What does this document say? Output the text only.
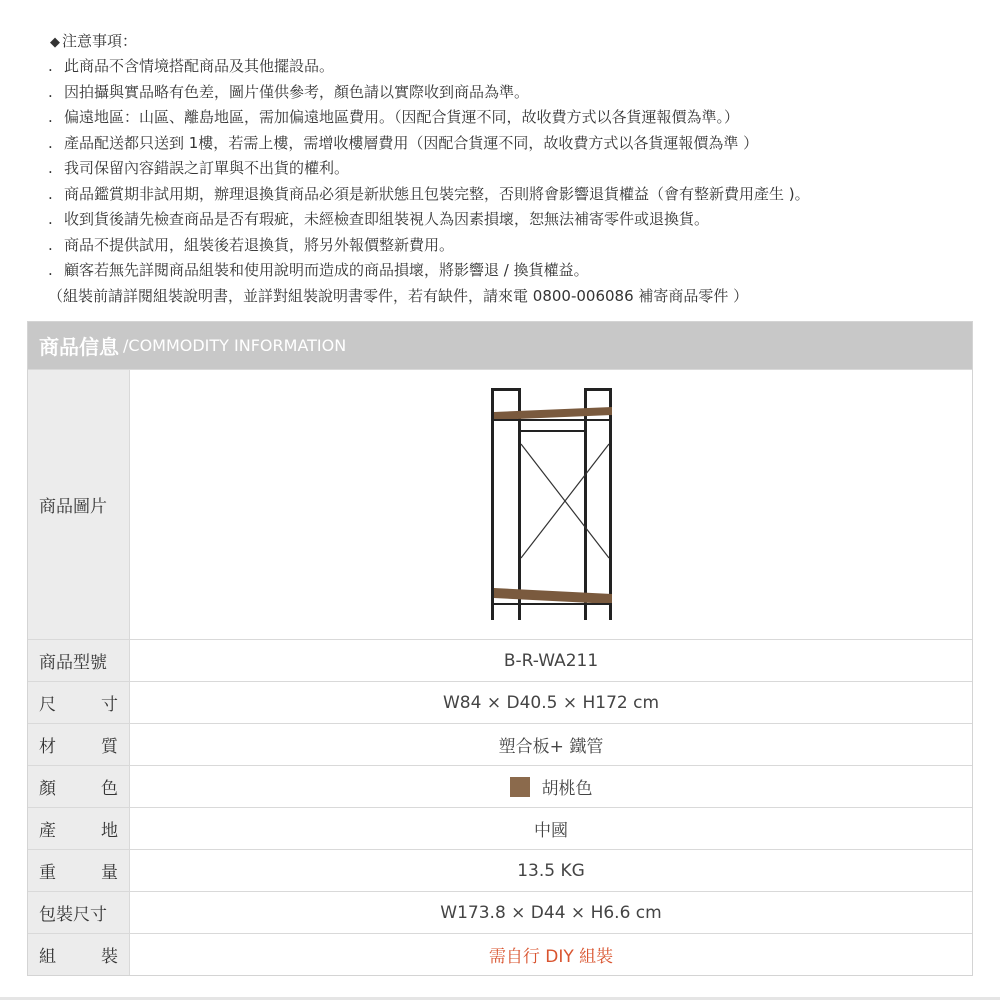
◆ 注意事項：
. 此商品不含情境搭配商品及其他擺設品。
. 因拍攝與實品略有色差，圖片僅供參考，顏色請以實際收到商品為準。
. 偏遠地區：山區、離島地區，需加偏遠地區費用。（因配合貨運不同，故收費方式以各貨運報價為準。）
. 產品配送都只送到 1樓，若需上樓，需增收樓層費用（因配合貨運不同，故收費方式以各貨運報價為準 ）
. 我司保留內容錯誤之訂單與不出貨的權利。
. 商品鑑賞期非試用期，辦理退換貨商品必須是新狀態且包裝完整，否則將會影響退貨權益（會有整新費用產生 )。
. 收到貨後請先檢查商品是否有瑕疵，未經檢查即組裝視人為因素損壞，恕無法補寄零件或退換貨。
. 商品不提供試用，組裝後若退換貨，將另外報價整新費用。
. 顧客若無先詳閱商品組裝和使用說明而造成的商品損壞，將影響退 / 換貨權益。
（組裝前請詳閱組裝說明書，並詳對組裝說明書零件，若有缺件，請來電 0800-006086 補寄商品零件 ）
商品信息 /COMMODITY INFORMATION
商品圖片
商品型號	B-R-WA211
尺	寸	W84 × D40.5 × H172 cm
材	質	塑合板+ 鐵管
顏	色	胡桃色
產	地	中國
重	量	13.5 KG
包裝尺寸	W173.8 × D44 × H6.6 cm
組	裝	需自行 DIY 組裝
